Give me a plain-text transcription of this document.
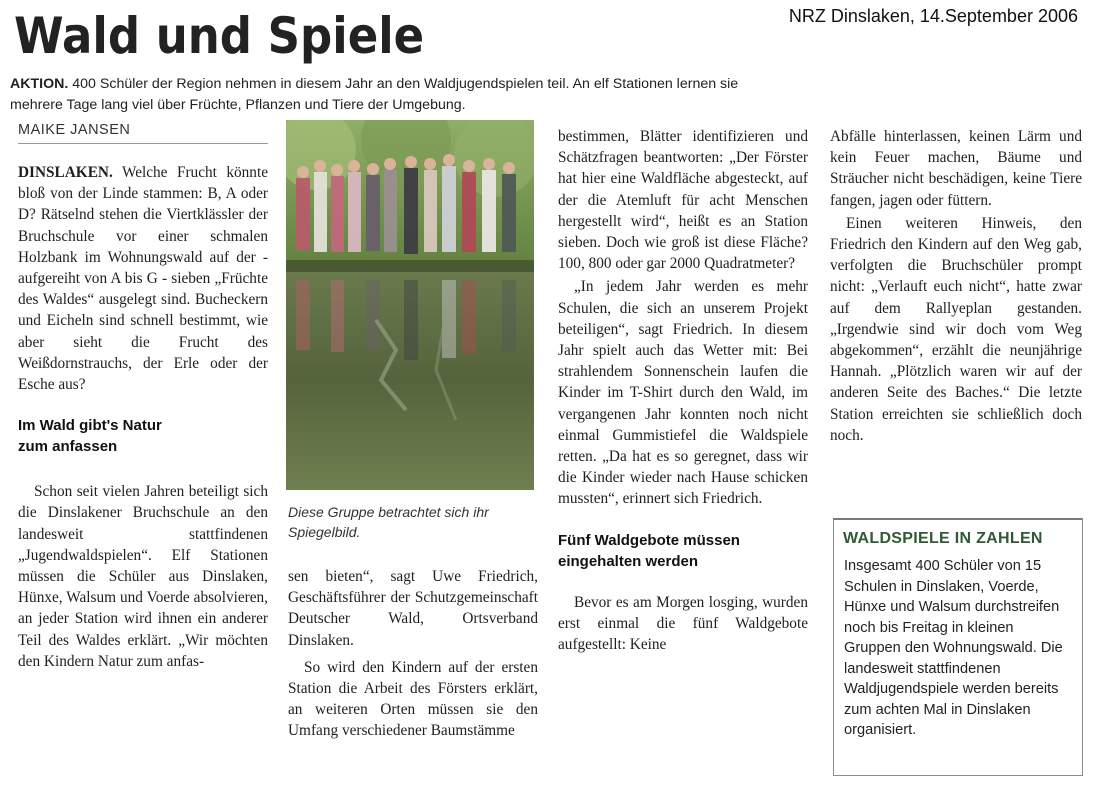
Wald und Spiele	NRZ Dinslaken, 14.September 2006
AKTION. 400 Schüler der Region nehmen in diesem Jahr an den Waldjugendspielen teil. An elf Stationen lernen sie mehrere Tage lang viel über Früchte, Pflanzen und Tiere der Umgebung.
MAIKE JANSEN

DINSLAKEN. Welche Frucht könnte bloß von der Linde stammen: B, A oder D? Rätselnd stehen die Viertklässler der Bruchschule vor einer schmalen Holzbank im Wohnungswald auf der - aufgereiht von A bis G - sieben „Früchte des Waldes“ ausgelegt sind. Bucheckern und Eicheln sind schnell bestimmt, wie aber sieht die Frucht des Weißdornstrauchs, der Erle oder der Esche aus?

Im Wald gibt's Natur zum anfassen

Schon seit vielen Jahren beteiligt sich die Dinslakener Bruchschule an den landesweit stattfindenen „Jugendwaldspielen“. Elf Stationen müssen die Schüler aus Dinslaken, Hünxe, Walsum und Voerde absolvieren, an jeder Station wird ihnen ein anderer Teil des Waldes erklärt. „Wir möchten den Kindern Natur zum anfas-

Diese Gruppe betrachtet sich ihr Spiegelbild.

sen bieten“, sagt Uwe Friedrich, Geschäftsführer der Schutzgemeinschaft Deutscher Wald, Ortsverband Dinslaken.

So wird den Kindern auf der ersten Station die Arbeit des Försters erklärt, an weiteren Orten müssen sie den Umfang verschiedener Baumstämme

bestimmen, Blätter identifizieren und Schätzfragen beantworten: „Der Förster hat hier eine Waldfläche abgesteckt, auf der die Atemluft für acht Menschen hergestellt wird“, heißt es an Station sieben. Doch wie groß ist diese Fläche? 100, 800 oder gar 2000 Quadratmeter?

„In jedem Jahr werden es mehr Schulen, die sich an unserem Projekt beteiligen“, sagt Friedrich. In diesem Jahr spielt auch das Wetter mit: Bei strahlendem Sonnenschein laufen die Kinder im T-Shirt durch den Wald, im vergangenen Jahr konnten noch nicht einmal Gummistiefel die Waldspiele retten. „Da hat es so geregnet, dass wir die Kinder wieder nach Hause schicken mussten“, erinnert sich Friedrich.

Fünf Waldgebote müssen eingehalten werden

Bevor es am Morgen losging, wurden erst einmal die fünf Waldgebote aufgestellt: Keine

Abfälle hinterlassen, keinen Lärm und kein Feuer machen, Bäume und Sträucher nicht beschädigen, keine Tiere fangen, jagen oder füttern.

Einen weiteren Hinweis, den Friedrich den Kindern auf den Weg gab, verfolgten die Bruchschüler prompt nicht: „Verlauft euch nicht“, hatte zwar auf dem Rallyeplan gestanden. „Irgendwie sind wir doch vom Weg abgekommen“, erzählt die neunjährige Hannah. „Plötzlich waren wir auf der anderen Seite des Baches.“ Die letzte Station erreichten sie schließlich doch noch.

WALDSPIELE IN ZAHLEN
Insgesamt 400 Schüler von 15 Schulen in Dinslaken, Voerde, Hünxe und Walsum durchstreifen noch bis Freitag in kleinen Gruppen den Wohnungswald. Die landesweit stattfindenen Waldjugendspiele werden bereits zum achten Mal in Dinslaken organisiert.
